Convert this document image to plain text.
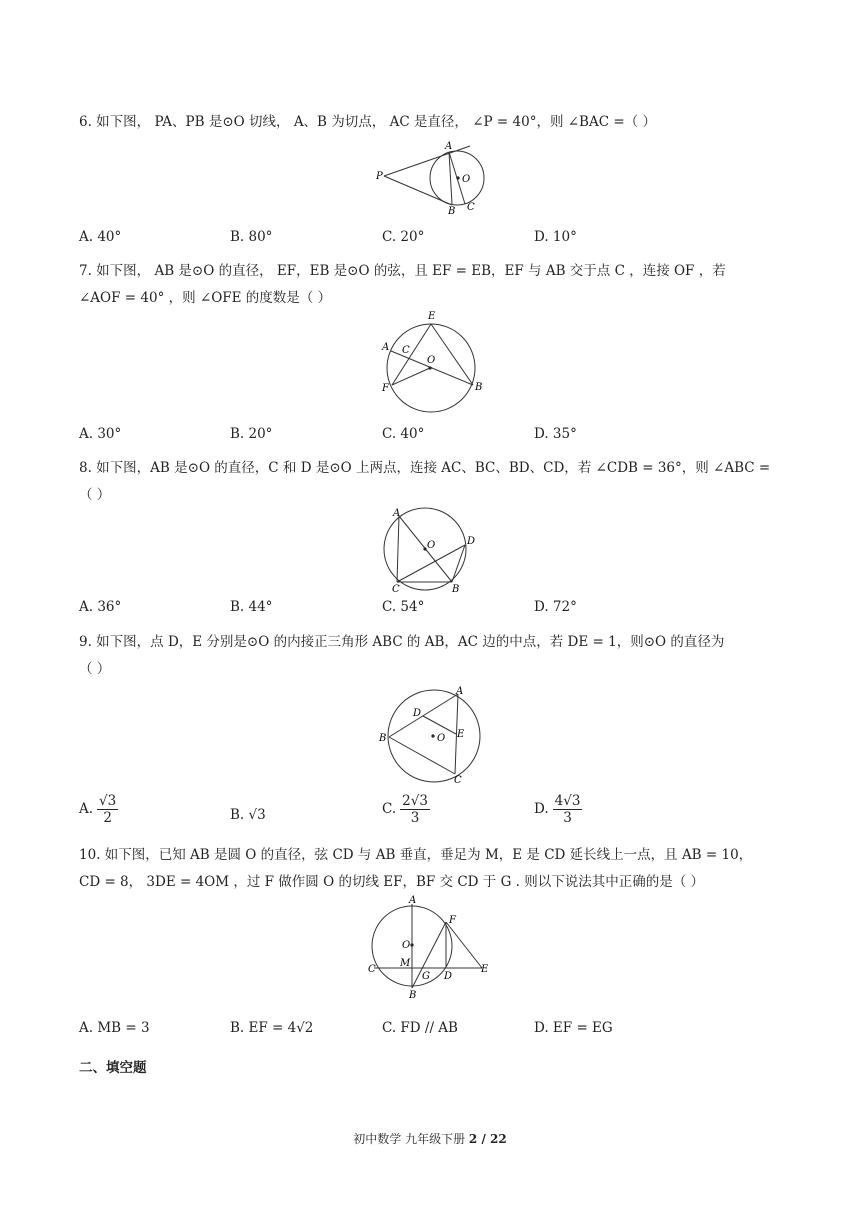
6. 如下图， PA、PB 是⊙O 切线， A、B 为切点， AC 是直径， ∠P = 40°，则 ∠BAC =（ ）
P
A
O
B C
A. 40°	B. 80°	C. 20°	D. 10°
7. 如下图， AB 是⊙O 的直径， EF，EB 是⊙O 的弦，且 EF = EB，EF 与 AB 交于点 C ，连接 OF ，若
∠AOF = 40° ，则 ∠OFE 的度数是（ ）
E
A C
O
F	B
A. 30°	B. 20°	C. 40°	D. 35°
8. 如下图，AB 是⊙O 的直径，C 和 D 是⊙O 上两点，连接 AC、BC、BD、CD，若 ∠CDB = 36°，则 ∠ABC =
（ ）
A
O	D
C	B
A. 36°	B. 44°	C. 54°	D. 72°
9. 如下图，点 D，E 分别是⊙O 的内接正三角形 ABC 的 AB，AC 边的中点，若 DE = 1，则⊙O 的直径为
（ ）
A
D
B	O E
C
A. $\frac{√3}{2}$	B. √3	C. $\frac{2√3}{3}$	D. $\frac{4√3}{3}$
10. 如下图，已知 AB 是圆 O 的直径，弦 CD 与 AB 垂直，垂足为 M，E 是 CD 延长线上一点，且 AB = 10，
CD = 8， 3DE = 4OM ，过 F 做作圆 O 的切线 EF，BF 交 CD 于 G . 则以下说法其中正确的是（ ）
A
F
O
M
C
G D
E
B
A. MB = 3	B. EF = 4√2	C. FD // AB	D. EF = EG
二、填空题
初中数学 九年级下册 2 / 22
